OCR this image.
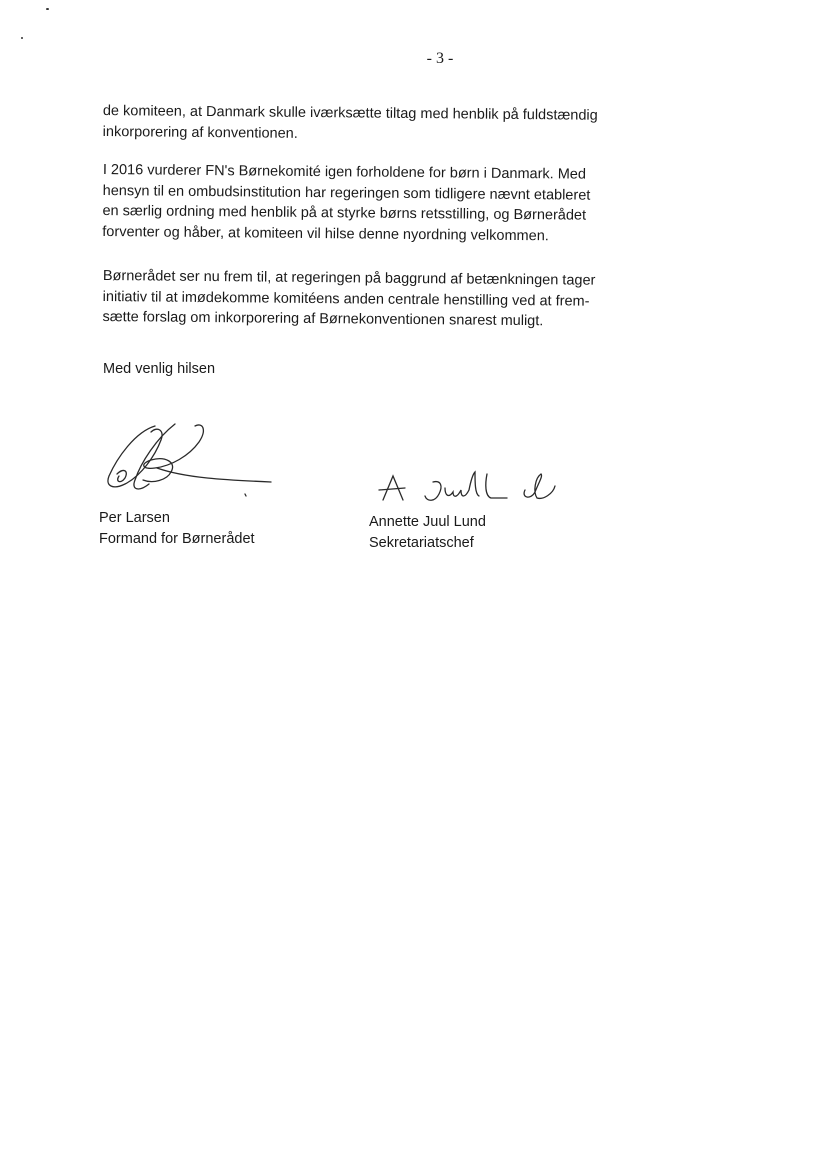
- 3 -
de komiteen, at Danmark skulle iværksætte tiltag med henblik på fuldstændig
inkorporering af konventionen.
I 2016 vurderer FN's Børnekomité igen forholdene for børn i Danmark. Med
hensyn til en ombudsinstitution har regeringen som tidligere nævnt etableret
en særlig ordning med henblik på at styrke børns retsstilling, og Børnerådet
forventer og håber, at komiteen vil hilse denne nyordning velkommen.
Børnerådet ser nu frem til, at regeringen på baggrund af betænkningen tager
initiativ til at imødekomme komitéens anden centrale henstilling ved at frem-
sætte forslag om inkorporering af Børnekonventionen snarest muligt.
Med venlig hilsen
Per Larsen
Formand for Børnerådet
Annette Juul Lund
Sekretariatschef
